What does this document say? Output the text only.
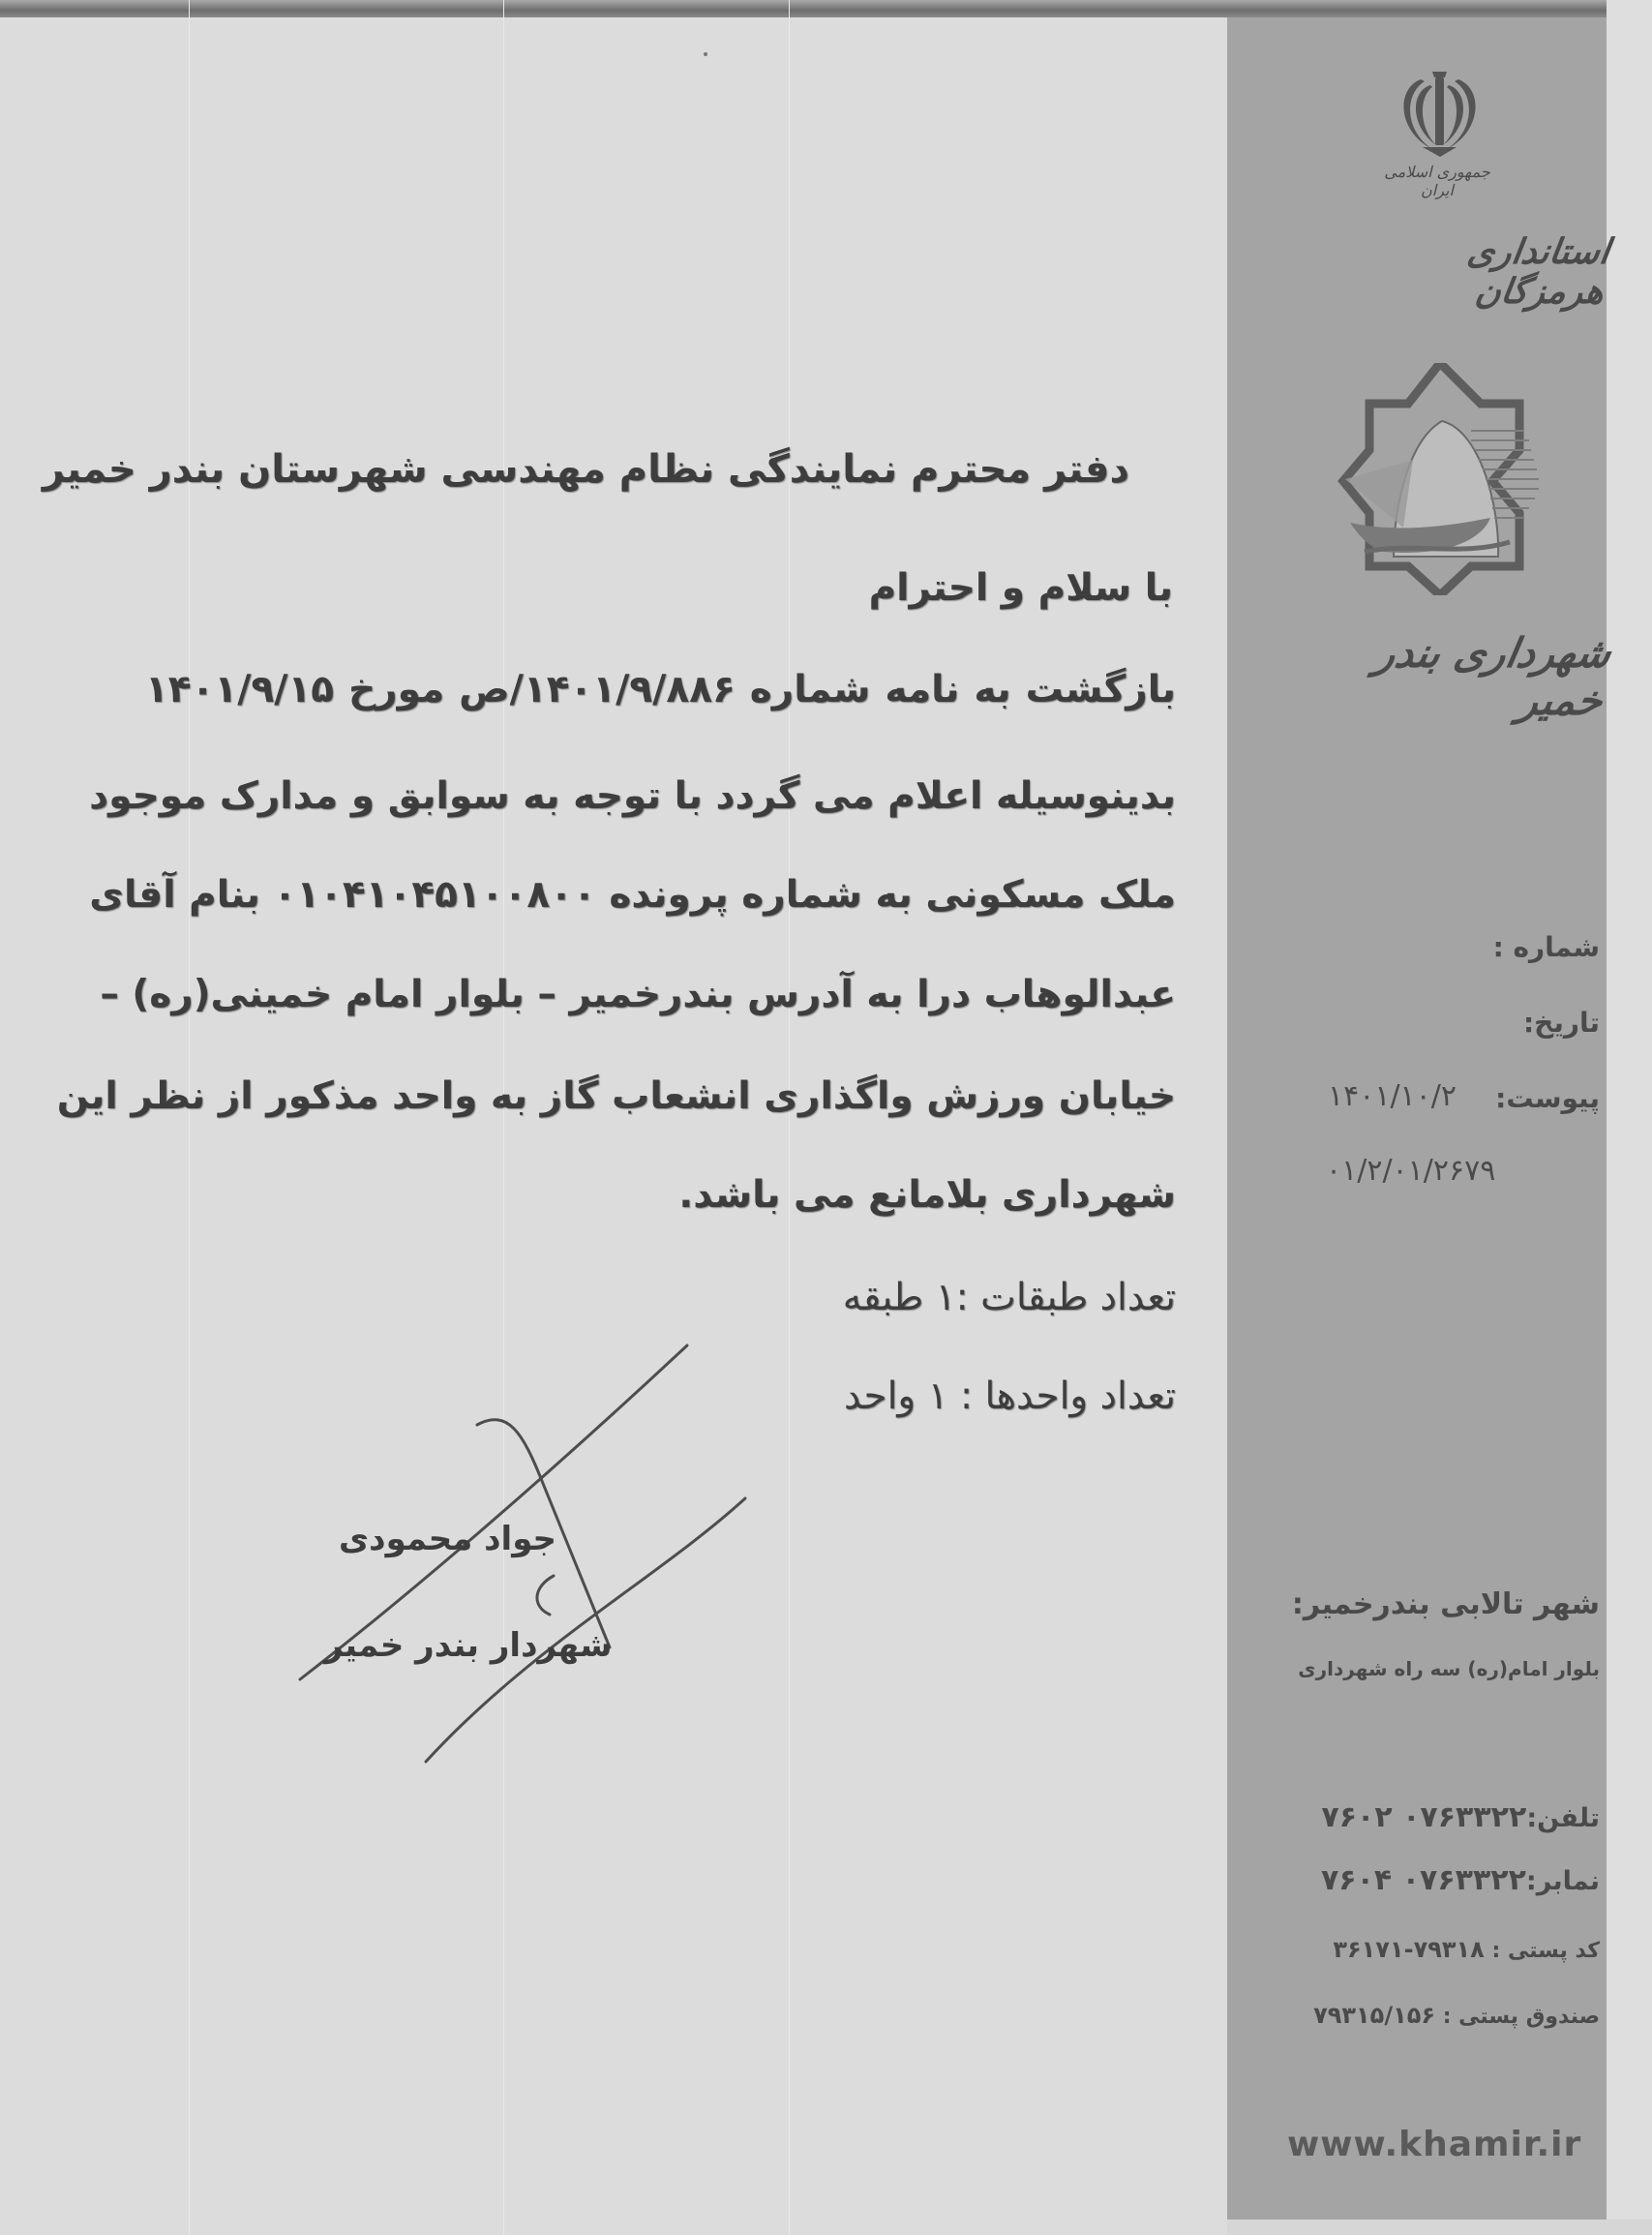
جمهوری اسلامی ایران
استانداری هرمزگان
شهرداری بندر خمیر
شماره :
تاریخ:
پیوست:
۱۴۰۱/۱۰/۲
۰۱/۲/۰۱/۲۶۷۹
شهر تالابی بندرخمیر:
بلوار امام(ره) سه راه شهرداری
تلفن:۰۷۶۳۳۲۲ ۷۶۰۲
نمابر:۰۷۶۳۳۲۲ ۷۶۰۴
کد پستی : ۷۹۳۱۸-۳۶۱۷۱
صندوق پستی : ۷۹۳۱۵/۱۵۶
www.khamir.ir
دفتر محترم نمایندگی نظام مهندسی شهرستان بندر خمیر
با سلام و احترام
بازگشت به نامه شماره ۱۴۰۱/۹/۸۸۶/ص مورخ ۱۴۰۱/۹/۱۵
بدینوسیله اعلام می گردد با توجه به سوابق و مدارک موجود
ملک مسکونی به شماره پرونده ۰۱۰۴۱۰۴۵۱۰۰۸۰۰ بنام آقای
عبدالوهاب درا به آدرس بندرخمیر – بلوار امام خمینی(ره) –
خیابان ورزش واگذاری انشعاب گاز به واحد مذکور از نظر این
شهرداری بلامانع می باشد.
تعداد طبقات :۱ طبقه
تعداد واحدها : ۱ واحد
جواد محمودی
شهردار بندر خمیر
